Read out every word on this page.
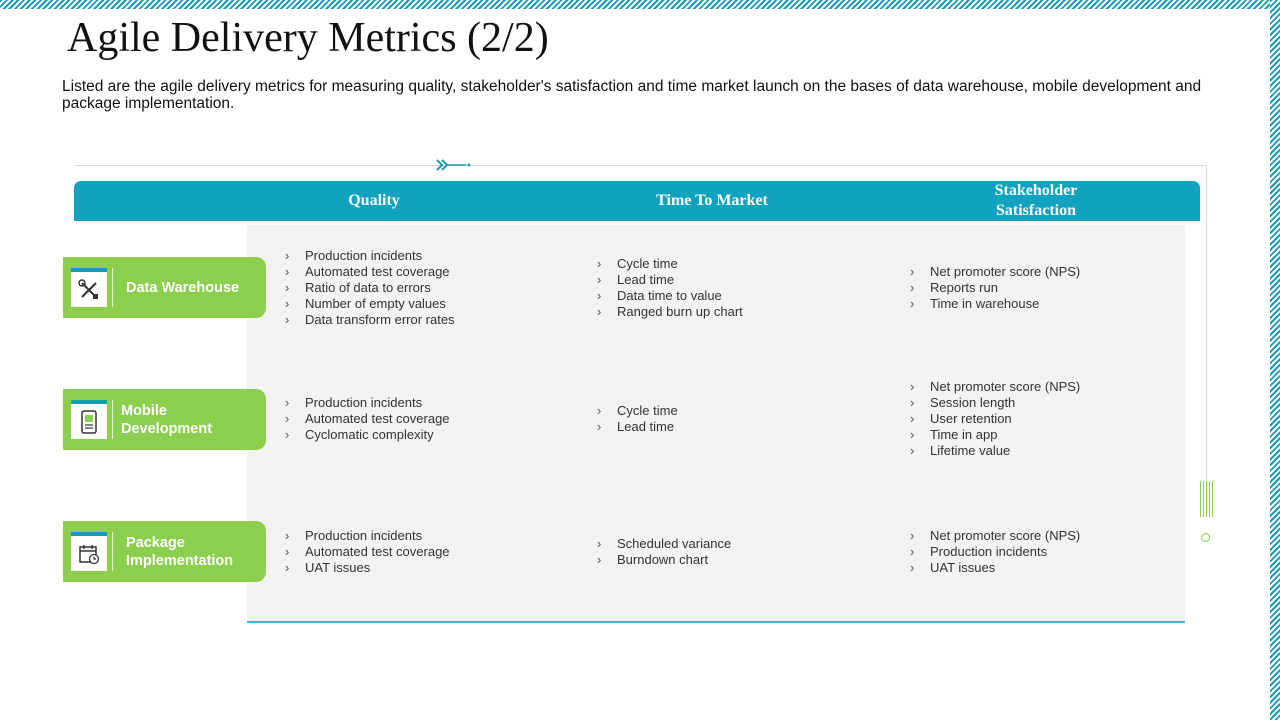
Agile Delivery Metrics (2/2)

Listed are the agile delivery metrics for measuring quality, stakeholder's satisfaction and time market launch on the bases of data warehouse, mobile development and package implementation.

Quality	Time To Market
Stakeholder Satisfaction
Data Warehouse
› Production incidents
› Automated test coverage
› Ratio of data to errors
› Number of empty values
› Data transform error rates
› Cycle time
› Lead time
› Data time to value
› Ranged burn up chart
› Net promoter score (NPS)
› Reports run
› Time in warehouse
Mobile Development
› Production incidents
› Automated test coverage
› Cyclomatic complexity
› Cycle time
› Lead time
› Net promoter score (NPS)
› Session length
› User retention
› Time in app
› Lifetime value
Package Implementation
› Production incidents
› Automated test coverage
› UAT issues
› Scheduled variance
› Burndown chart
› Net promoter score (NPS)
› Production incidents
› UAT issues
